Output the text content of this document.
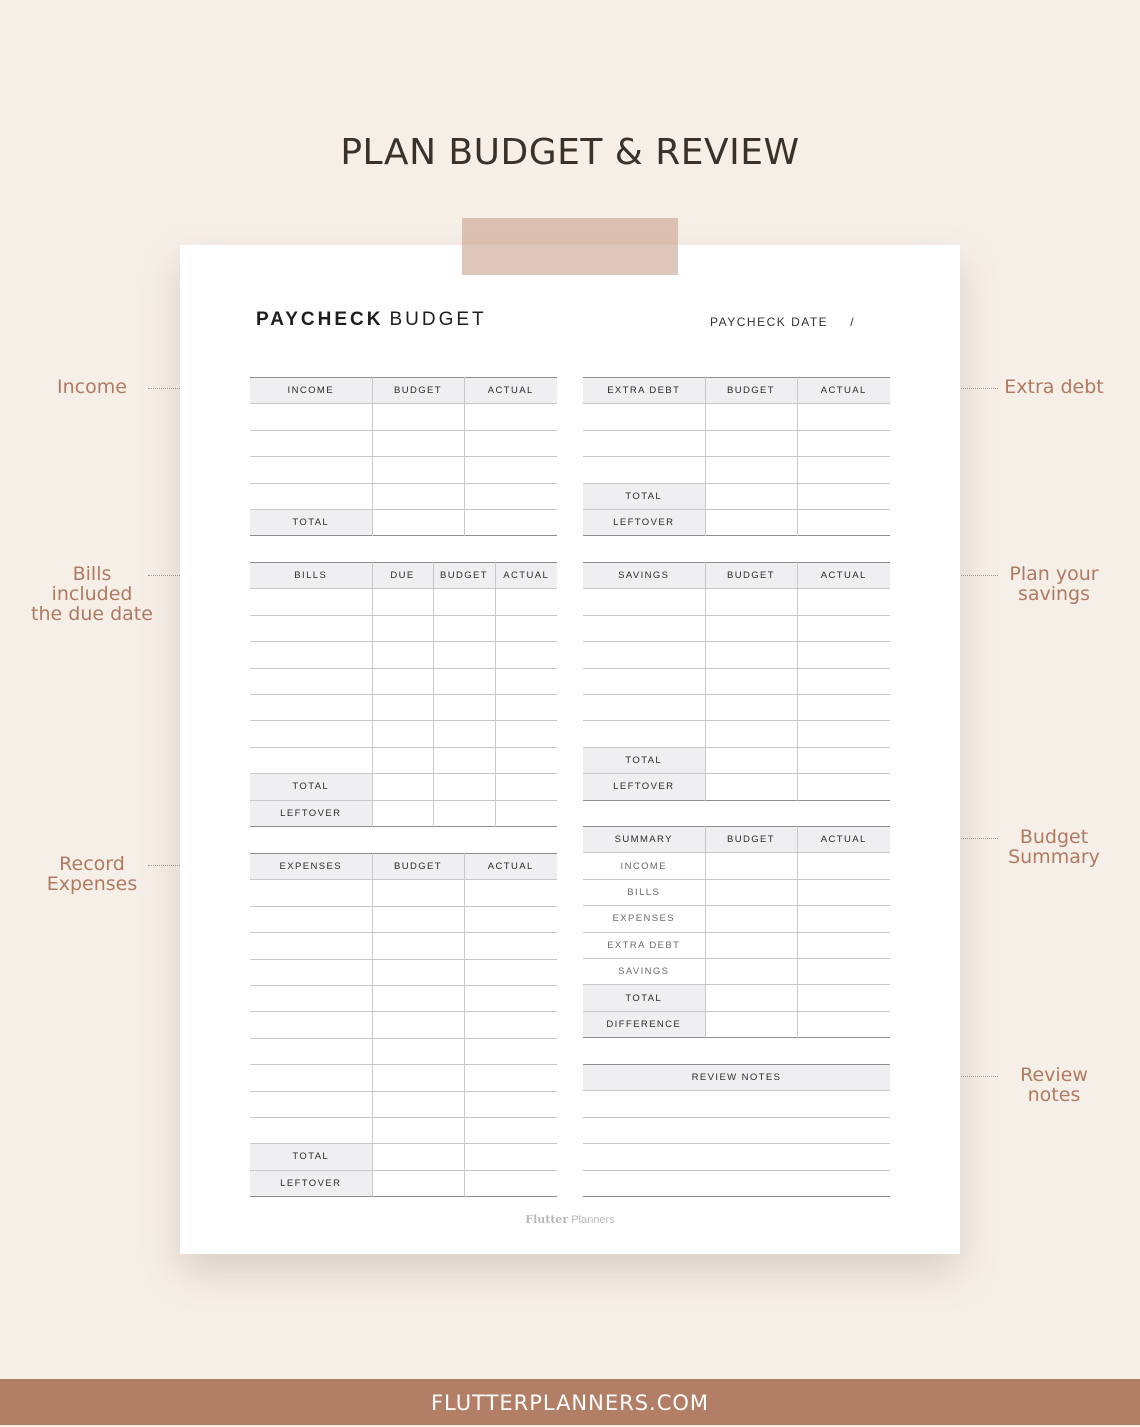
PLAN BUDGET & REVIEW
PAYCHECK BUDGET	PAYCHECK DATE /
INCOME	BUDGET	ACTUAL

TOTAL		
BILLS	DUE	BUDGET	ACTUAL

TOTAL			
LEFTOVER			
EXPENSES	BUDGET	ACTUAL

TOTAL		
LEFTOVER		
EXTRA DEBT	BUDGET	ACTUAL

TOTAL		
LEFTOVER		
SAVINGS	BUDGET	ACTUAL

TOTAL		
LEFTOVER		
SUMMARY	BUDGET	ACTUAL
INCOME		
BILLS		
EXPENSES		
EXTRA DEBT		
SAVINGS		
TOTAL		
DIFFERENCE		
REVIEW NOTES

Flutter Planners
Income
Bills
included
the due date
Record
Expenses
Extra debt
Plan your
savings
Budget
Summary
Review
notes
FLUTTERPLANNERS.COM
